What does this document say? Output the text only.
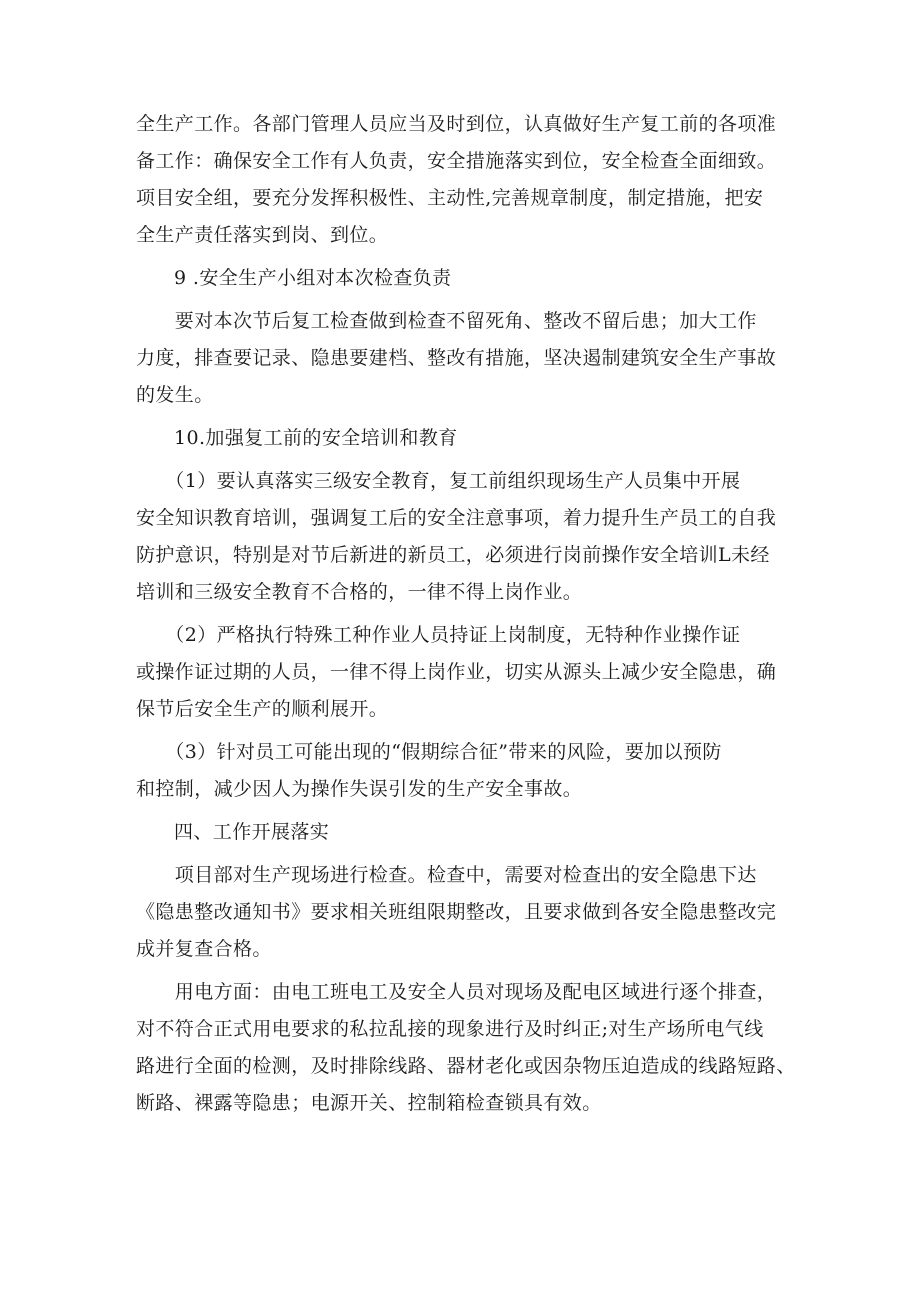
全生产工作。各部门管理人员应当及时到位，认真做好生产复工前的各项准
备工作：确保安全工作有人负责，安全措施落实到位，安全检查全面细致。
项目安全组，要充分发挥积极性、主动性,完善规章制度，制定措施，把安
全生产责任落实到岗、到位。
9 .安全生产小组对本次检查负责
　　要对本次节后复工检查做到检查不留死角、整改不留后患；加大工作
力度，排查要记录、隐患要建档、整改有措施，坚决遏制建筑安全生产事故
的发生。
10.加强复工前的安全培训和教育
　　（1）要认真落实三级安全教育，复工前组织现场生产人员集中开展
安全知识教育培训，强调复工后的安全注意事项，着力提升生产员工的自我
防护意识，特别是对节后新进的新员工，必须进行岗前操作安全培训L未经
培训和三级安全教育不合格的，一律不得上岗作业。
　　（2）严格执行特殊工种作业人员持证上岗制度，无特种作业操作证
或操作证过期的人员，一律不得上岗作业，切实从源头上减少安全隐患，确
保节后安全生产的顺利展开。
　　（3）针对员工可能出现的“假期综合征”带来的风险，要加以预防
和控制，减少因人为操作失误引发的生产安全事故。
四、工作开展落实
　　项目部对生产现场进行检查。检查中，需要对检查出的安全隐患下达
《隐患整改通知书》要求相关班组限期整改，且要求做到各安全隐患整改完
成并复查合格。
　　用电方面：由电工班电工及安全人员对现场及配电区域进行逐个排查，
对不符合正式用电要求的私拉乱接的现象进行及时纠正;对生产场所电气线
路进行全面的检测，及时排除线路、器材老化或因杂物压迫造成的线路短路、
断路、裸露等隐患；电源开关、控制箱检查锁具有效。
